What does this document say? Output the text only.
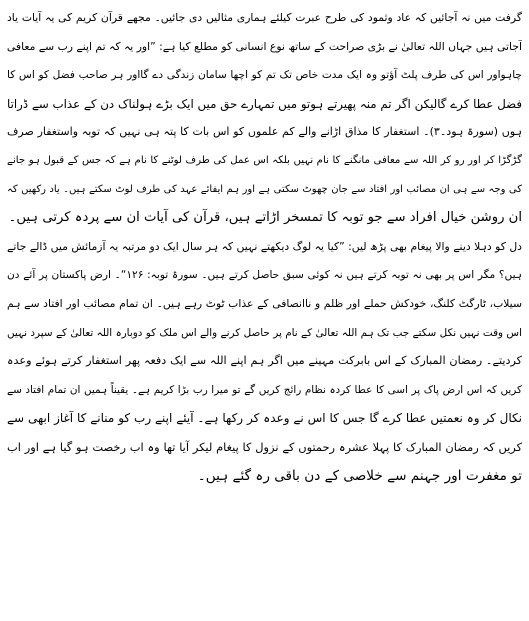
گرفت میں نہ آجائیں کہ عاد وثمود کی طرح عبرت کیلئے ہماری مثالیں دی جائیں۔ مجھے قرآن کریم کی یہ آیات یاد
آجاتی ہیں جہاں اللہ تعالیٰ نے بڑی صراحت کے ساتھ نوع انسانی کو مطلع کیا ہے: ”اور یہ کہ تم اپنے رب سے معافی
چاہواور اس کی طرف پلٹ آؤتو وہ ایک مدت خاص تک تم کو اچھا سامان زندگی دے گااور ہر صاحب فضل کو اس کا
فضل عطا کرے گالیکن اگر تم منہ پھیرتے ہوتو میں تمہارے حق میں ایک بڑے ہولناک دن کے عذاب سے ڈراتا
ہوں (سورۃ ہود۔۳)۔ استغفار کا مذاق اڑانے والے کم علموں کو اس بات کا پتہ ہی نہیں کہ توبہ واستغفار صرف
گڑگڑا کر اور رو کر اللہ سے معافی مانگنے کا نام نہیں بلکہ اس عمل کی طرف لوٹنے کا نام ہے کہ جس کے قبول ہو جانے
کی وجہ سے ہی ان مصائب اور افتاد سے جان چھوٹ سکتی ہے اور ہم ایفائے عہد کی طرف لوٹ سکتے ہیں۔ یاد رکھیں کہ
ان روشن خیال افراد سے جو توبہ کا تمسخر اڑاتے ہیں، قرآن کی آیات ان سے پردہ کرتی ہیں۔
دل کو دہلا دینے والا پیغام بھی پڑھ لیں: ”کیا یہ لوگ دیکھتے نہیں کہ ہر سال ایک دو مرتبہ یہ آزمائش میں ڈالے جاتے
ہیں؟ مگر اس پر بھی نہ توبہ کرتے ہیں نہ کوئی سبق حاصل کرتے ہیں۔ سورۃ توبہ: ۱۲۶“۔ ارض پاکستان پر آئے دن
سیلاب، ٹارگٹ کلنگ، خودکش حملے اور ظلم و ناانصافی کے عذاب ٹوٹ رہے ہیں۔ ان تمام مصائب اور افتاد سے ہم
اس وقت نہیں نکل سکتے جب تک ہم اللہ تعالیٰ کے نام پر حاصل کرنے والے اس ملک کو دوبارہ اللہ تعالیٰ کے سپرد نہیں
کردیتے۔ رمضان المبارک کے اس بابرکت مہینے میں اگر ہم اپنے اللہ سے ایک دفعہ پھر استغفار کرتے ہوئے وعدہ
کریں کہ اس ارض پاک پر اسی کا عطا کردہ نظام رائج کریں گے تو میرا رب بڑا کریم ہے۔ یقیناً ہمیں ان تمام افتاد سے
نکال کر وہ نعمتیں عطا کرے گا جس کا اس نے وعدہ کر رکھا ہے۔ آیئے اپنے رب کو منانے کا آغاز ابھی سے
کریں کہ رمضان المبارک کا پہلا عشرہ رحمتوں کے نزول کا پیغام لیکر آیا تھا وہ اب رخصت ہو گیا ہے اور اب
تو مغفرت اور جہنم سے خلاصی کے دن باقی رہ گئے ہیں۔
